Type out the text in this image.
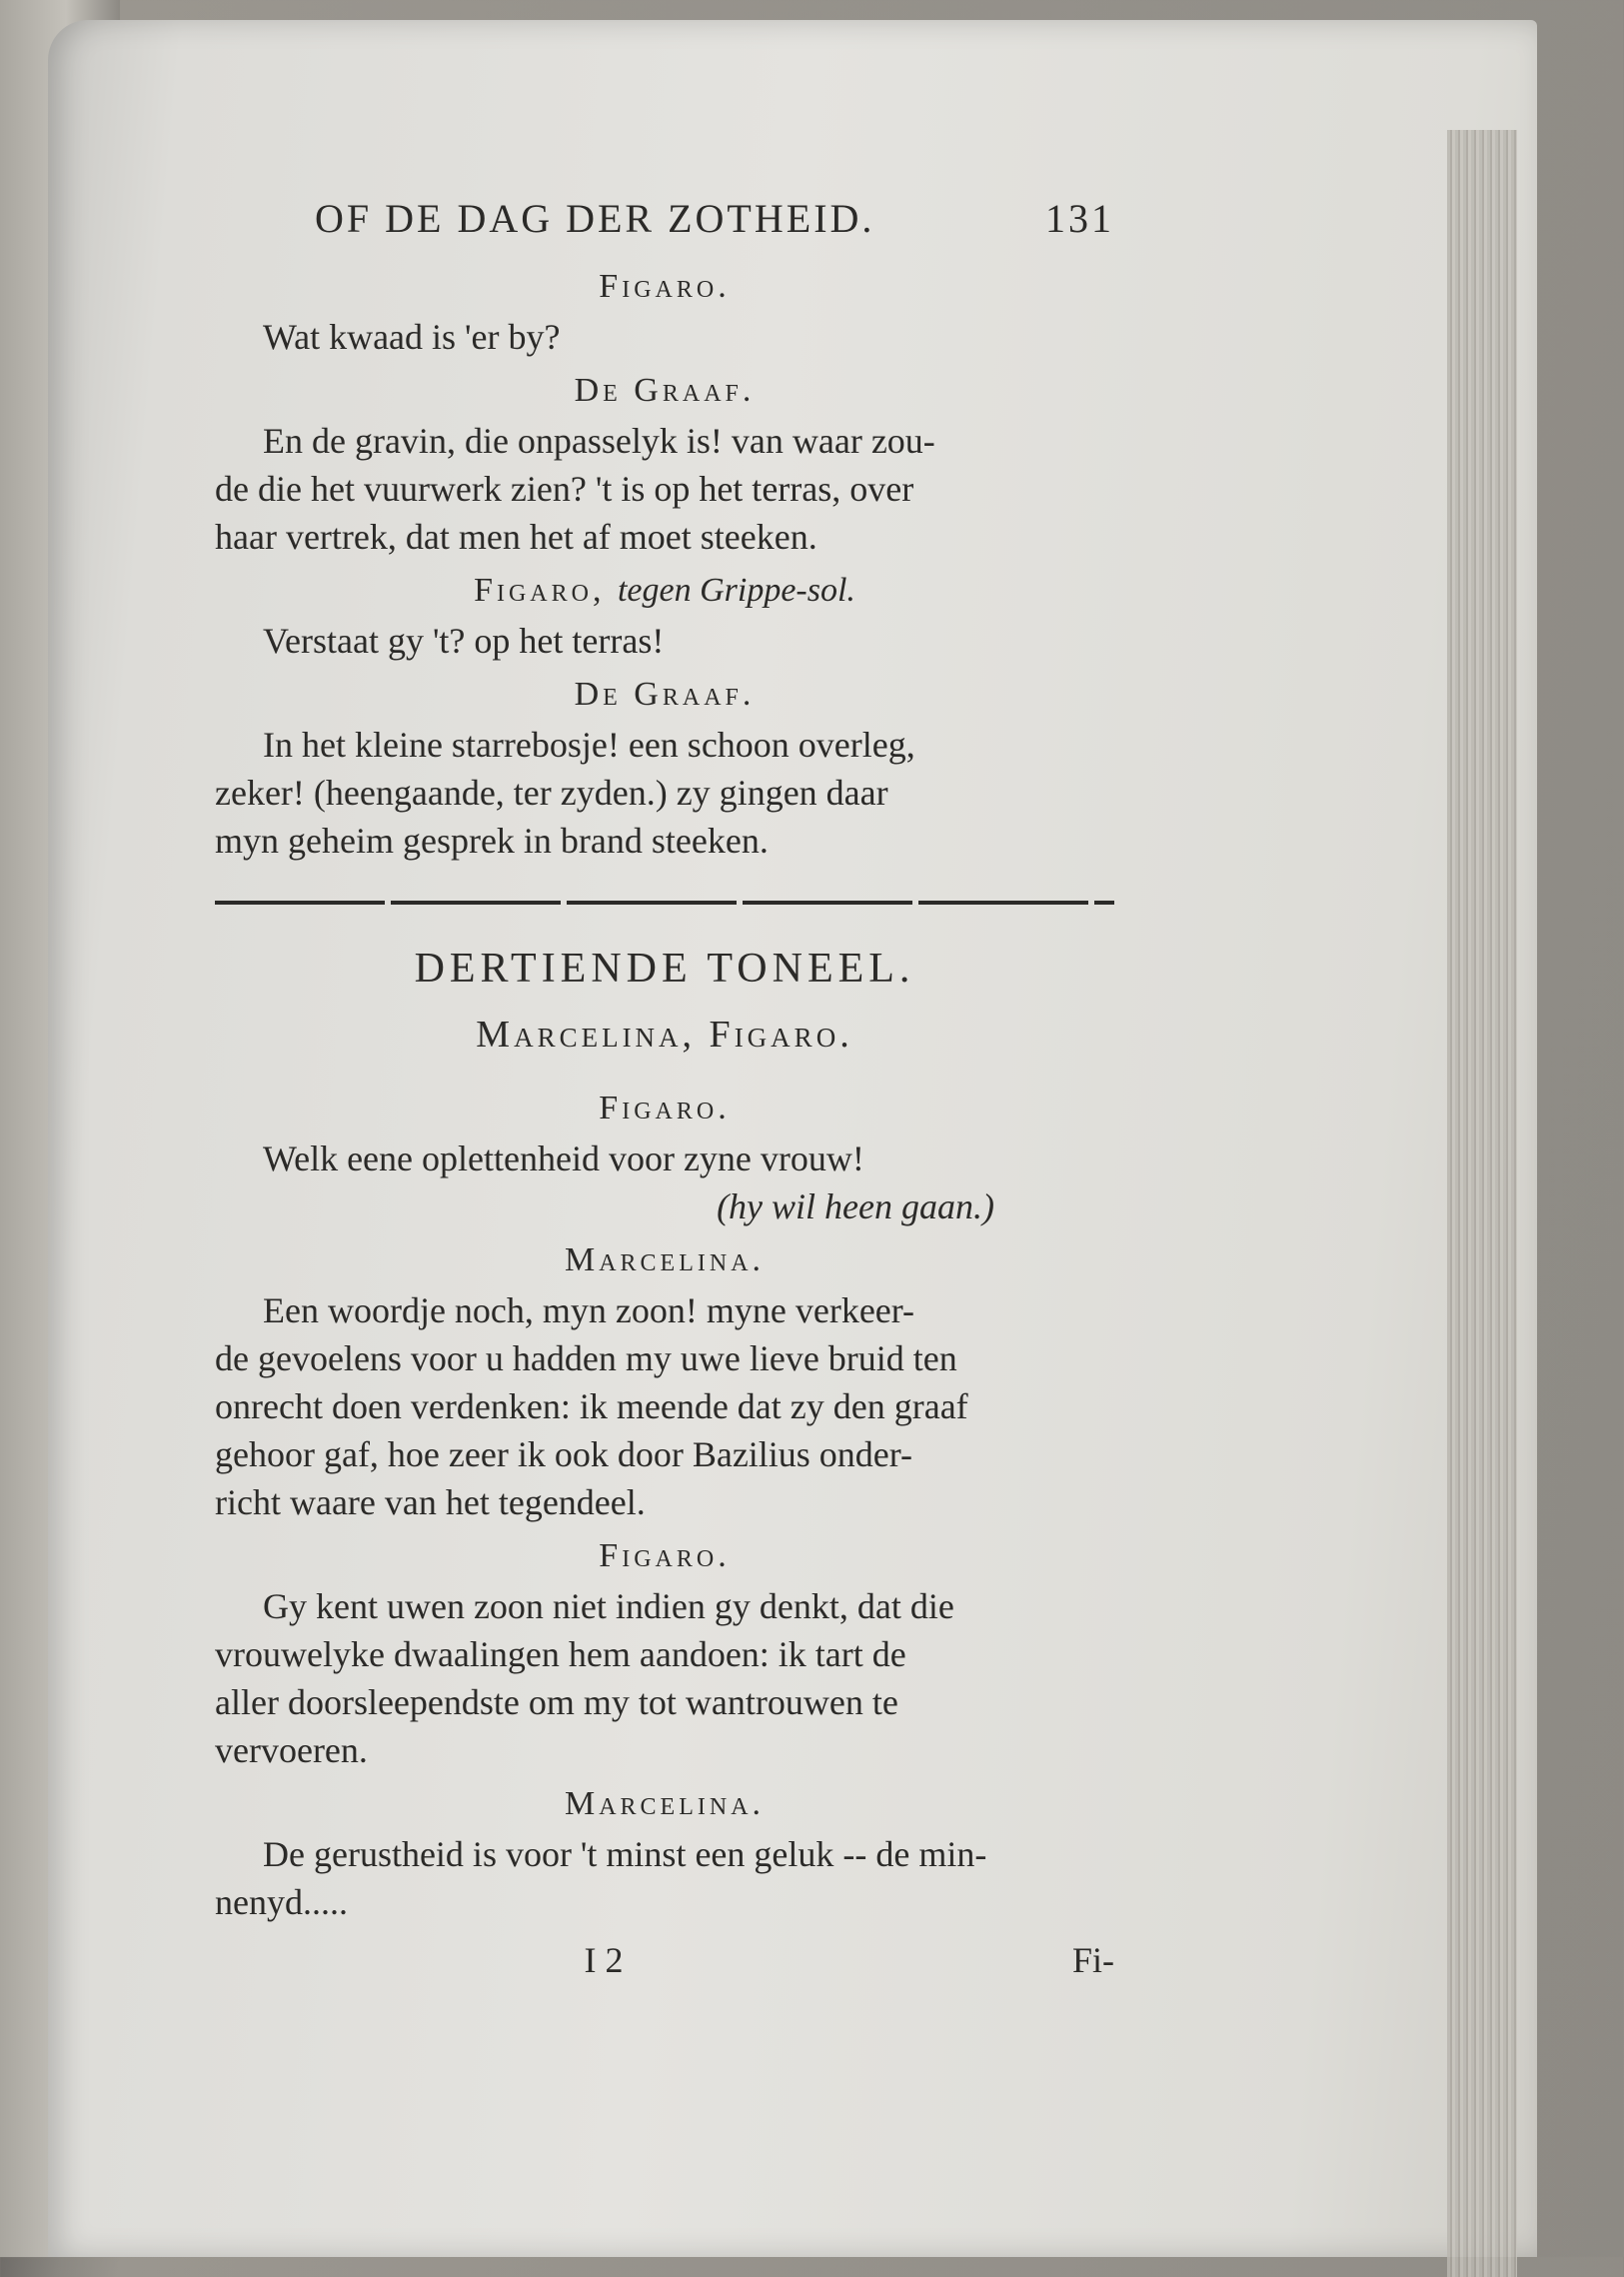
OF DE DAG DER ZOTHEID.	131
Figaro.
Wat kwaad is 'er by?
De Graaf.
En de gravin, die onpasselyk is! van waar zou-
de die het vuurwerk zien? 't is op het terras, over
haar vertrek, dat men het af moet steeken.
Figaro, tegen Grippe-sol.
Verstaat gy 't? op het terras!
De Graaf.
In het kleine starrebosje! een schoon overleg,
zeker! (heengaande, ter zyden.) zy gingen daar
myn geheim gesprek in brand steeken.
DERTIENDE TONEEL.
Marcelina, Figaro.
Figaro.
Welk eene oplettenheid voor zyne vrouw!
(hy wil heen gaan.)
Marcelina.
Een woordje noch, myn zoon! myne verkeer-
de gevoelens voor u hadden my uwe lieve bruid ten
onrecht doen verdenken: ik meende dat zy den graaf
gehoor gaf, hoe zeer ik ook door Bazilius onder-
richt waare van het tegendeel.
Figaro.
Gy kent uwen zoon niet indien gy denkt, dat die
vrouwelyke dwaalingen hem aandoen: ik tart de
aller doorsleependste om my tot wantrouwen te
vervoeren.
Marcelina.
De gerustheid is voor 't minst een geluk -- de min-
nenyd.....
I 2	Fi-
